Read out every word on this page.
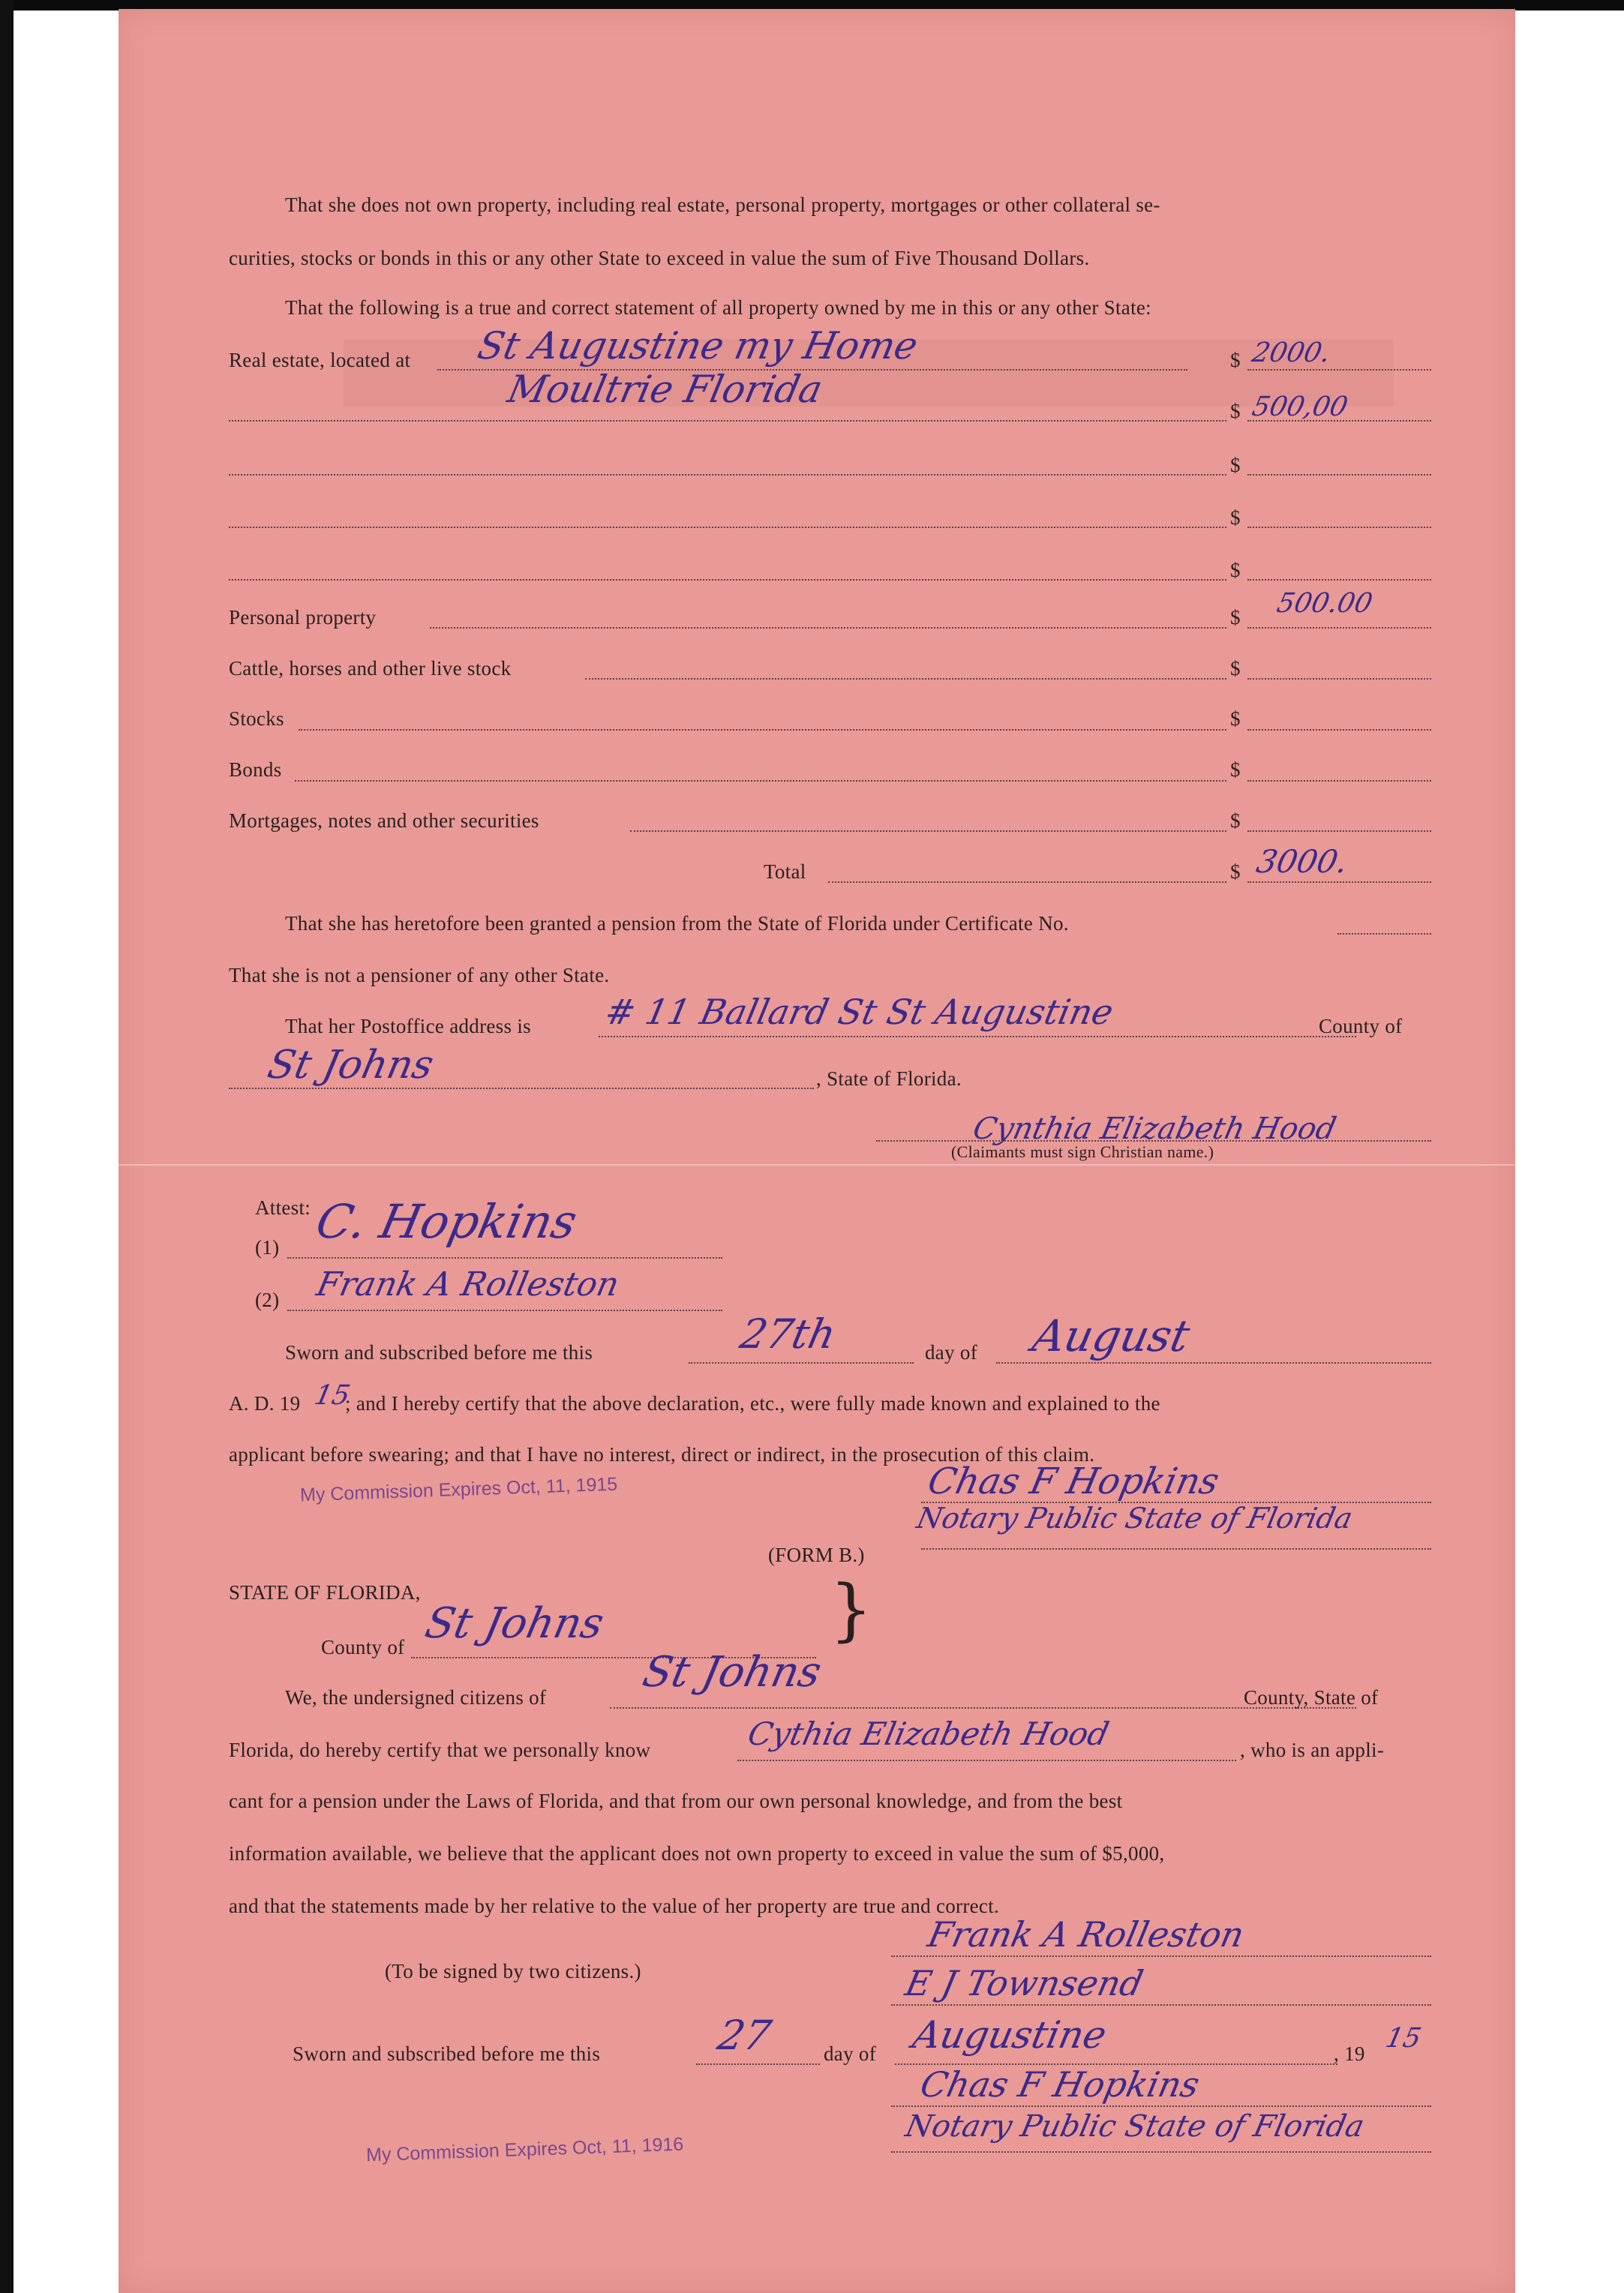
That she does not own property, including real estate, personal property, mortgages or other collateral se-
curities, stocks or bonds in this or any other State to exceed in value the sum of Five Thousand Dollars.
That the following is a true and correct statement of all property owned by me in this or any other State:
Real estate, located at St Augustine my Home	$ 2000.
Moultrie Florida	$ 500,00
$
$
$
Personal property	$ 500.00
Cattle, horses and other live stock	$
Stocks	$
Bonds	$
Mortgages, notes and other securities	$
Total	$ 3000.
That she has heretofore been granted a pension from the State of Florida under Certificate No.
That she is not a pensioner of any other State.
That her Postoffice address is # 11 Ballard St St Augustine	County of
St Johns	, State of Florida.
Cynthia Elizabeth Hood
(Claimants must sign Christian name.)
Attest:
(1) C. Hopkins
(2) Frank A Rolleston
Sworn and subscribed before me this	27th	day of August
A. D. 19 15
; and I hereby certify that the above declaration, etc., were fully made known and explained to the
applicant before swearing; and that I have no interest, direct or indirect, in the prosecution of this claim.
Chas F Hopkins
Notary Public State of Florida
My Commission Expires Oct, 11, 1915
(FORM B.)
STATE OF FLORIDA,
County of St Johns	}
We, the undersigned citizens of
St Johns
County, State of
Florida, do hereby certify that we personally know	Cythia Elizabeth Hood	, who is an appli-
cant for a pension under the Laws of Florida, and that from our own personal knowledge, and from the best
information available, we believe that the applicant does not own property to exceed in value the sum of $5,000,
and that the statements made by her relative to the value of her property are true and correct.
Frank A Rolleston
(To be signed by two citizens.)	E J Townsend
Sworn and subscribed before me this	27 day of Augustine	, 19 15
Chas F Hopkins
Notary Public State of Florida
My Commission Expires Oct, 11, 1916
